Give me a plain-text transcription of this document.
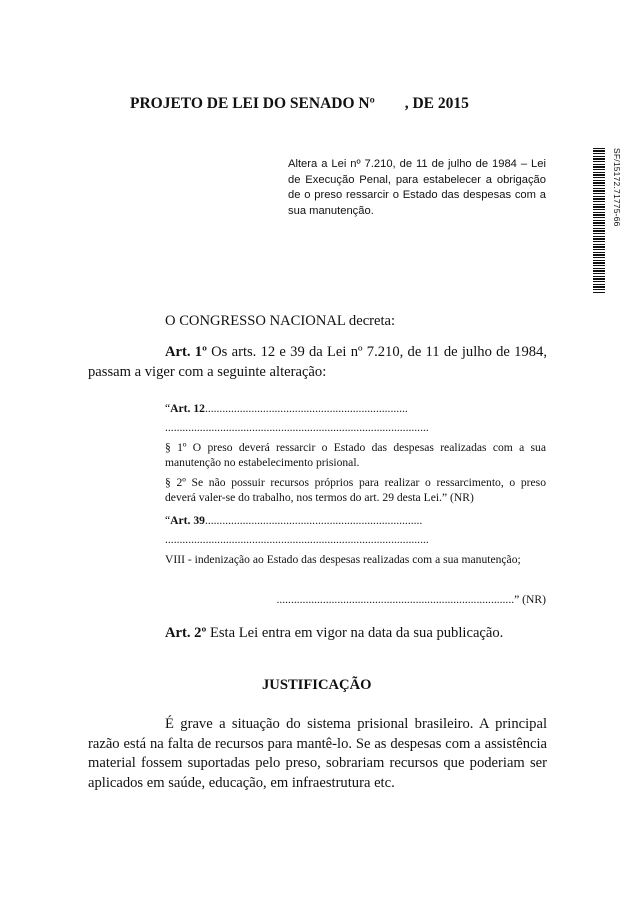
PROJETO DE LEI DO SENADO Nº , DE 2015
Altera a Lei nº 7.210, de 11 de julho de 1984 – Lei de Execução Penal, para estabelecer a obrigação de o preso ressarcir o Estado das despesas com a sua manutenção.	SF/15172.71775-66
O CONGRESSO NACIONAL decreta:
Art. 1º Os arts. 12 e 39 da Lei nº 7.210, de 11 de julho de 1984, passam a viger com a seguinte alteração:
“Art. 12......................................................................
...........................................................................................
§ 1º O preso deverá ressarcir o Estado das despesas realizadas com a sua manutenção no estabelecimento prisional.
§ 2º Se não possuir recursos próprios para realizar o ressarcimento, o preso deverá valer-se do trabalho, nos termos do art. 29 desta Lei.” (NR)
“Art. 39...........................................................................
...........................................................................................
VIII - indenização ao Estado das despesas realizadas com a sua manutenção;
..................................................................................” (NR)
Art. 2º Esta Lei entra em vigor na data da sua publicação.
JUSTIFICAÇÃO
É grave a situação do sistema prisional brasileiro. A principal razão está na falta de recursos para mantê-lo. Se as despesas com a assistência material fossem suportadas pelo preso, sobrariam recursos que poderiam ser aplicados em saúde, educação, em infraestrutura etc.
